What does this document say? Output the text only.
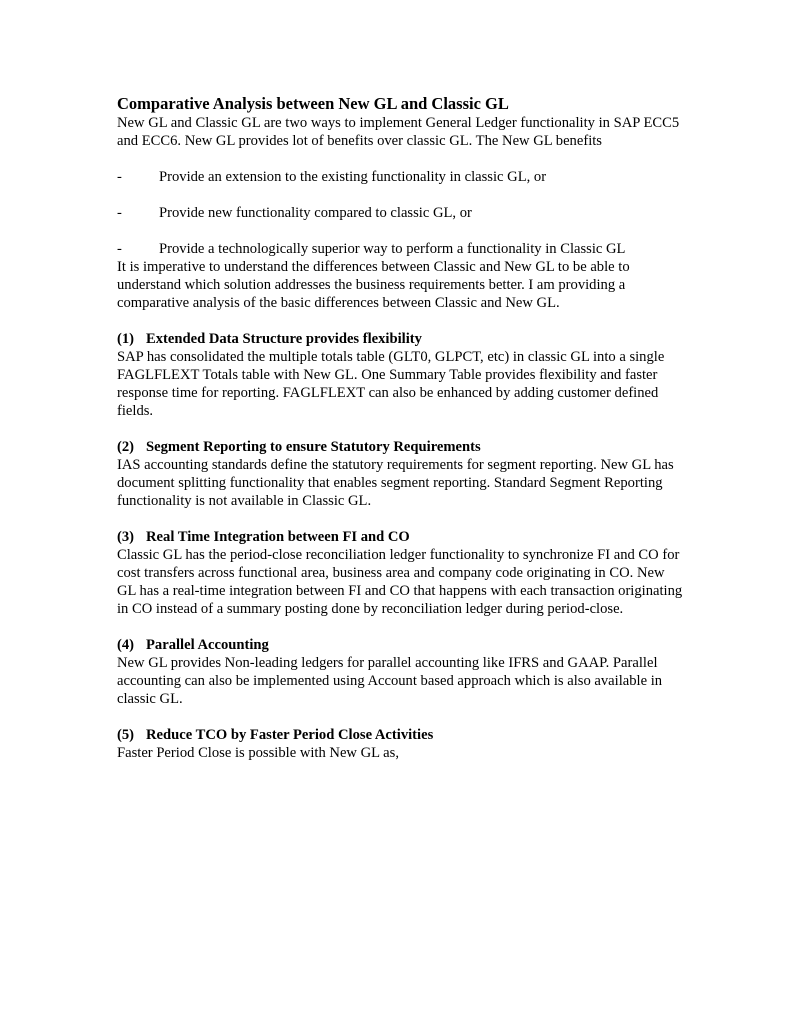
Comparative Analysis between New GL and Classic GL

New GL and Classic GL are two ways to implement General Ledger functionality in SAP ECC5 and ECC6. New GL provides lot of benefits over classic GL. The New GL benefits

-	Provide an extension to the existing functionality in classic GL, or
-	Provide new functionality compared to classic GL, or
-	Provide a technologically superior way to perform a functionality in Classic GL

It is imperative to understand the differences between Classic and New GL to be able to understand which solution addresses the business requirements better. I am providing a comparative analysis of the basic differences between Classic and New GL.

(1) Extended Data Structure provides flexibility

SAP has consolidated the multiple totals table (GLT0, GLPCT, etc) in classic GL into a single FAGLFLEXT Totals table with New GL. One Summary Table provides flexibility and faster response time for reporting. FAGLFLEXT can also be enhanced by adding customer defined fields.

(2) Segment Reporting to ensure Statutory Requirements

IAS accounting standards define the statutory requirements for segment reporting. New GL has document splitting functionality that enables segment reporting. Standard Segment Reporting functionality is not available in Classic GL.

(3) Real Time Integration between FI and CO

Classic GL has the period-close reconciliation ledger functionality to synchronize FI and CO for cost transfers across functional area, business area and company code originating in CO. New GL has a real-time integration between FI and CO that happens with each transaction originating in CO instead of a summary posting done by reconciliation ledger during period-close.

(4) Parallel Accounting

New GL provides Non-leading ledgers for parallel accounting like IFRS and GAAP. Parallel accounting can also be implemented using Account based approach which is also available in classic GL.

(5) Reduce TCO by Faster Period Close Activities

Faster Period Close is possible with New GL as,
